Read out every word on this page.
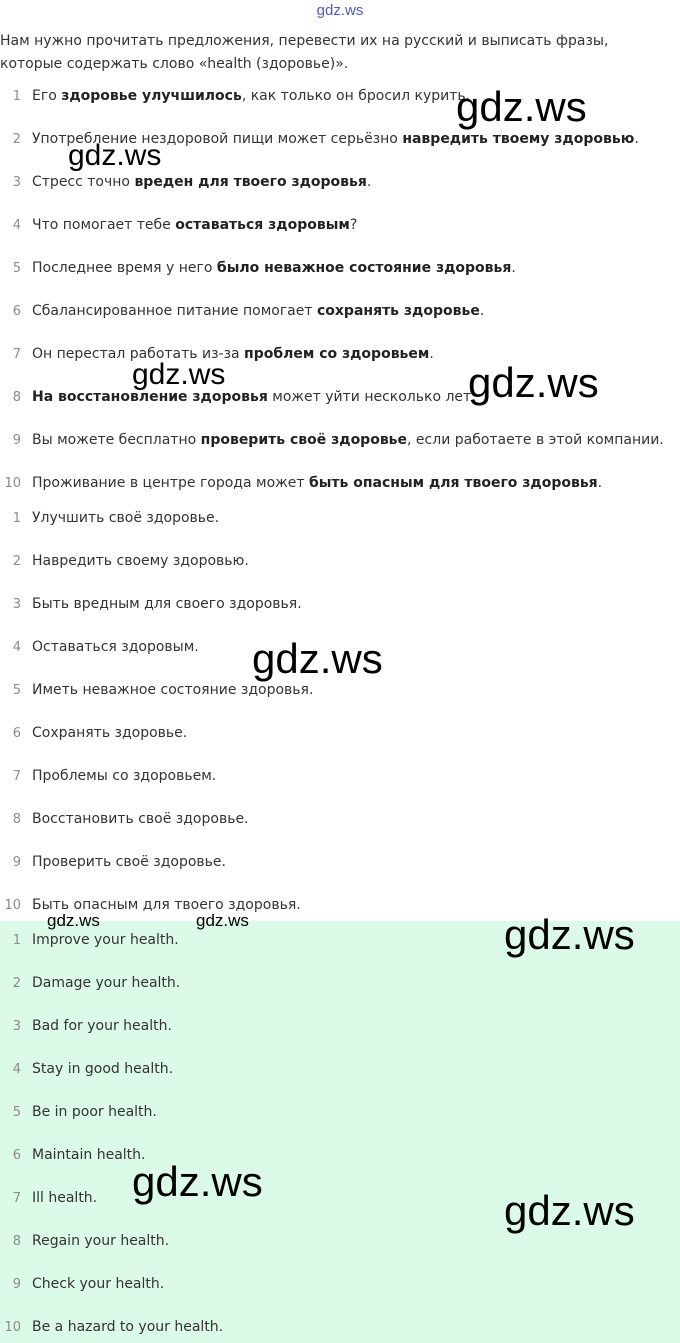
gdz.ws
Нам нужно прочитать предложения, перевести их на русский и выписать фразы, которые содержать слово «health (здоровье)».
1 Его здоровье улучшилось, как только он бросил курить.
2 Употребление нездоровой пищи может серьёзно навредить твоему здоровью.
3 Стресс точно вреден для твоего здоровья.
4 Что помогает тебе оставаться здоровым?
5 Последнее время у него было неважное состояние здоровья.
6 Сбалансированное питание помогает сохранять здоровье.
7 Он перестал работать из-за проблем со здоровьем.
8 На восстановление здоровья может уйти несколько лет.
9 Вы можете бесплатно проверить своё здоровье, если работаете в этой компании.
10 Проживание в центре города может быть опасным для твоего здоровья.
1 Улучшить своё здоровье.
2 Навредить своему здоровью.
3 Быть вредным для своего здоровья.
4 Оставаться здоровым.
5 Иметь неважное состояние здоровья.
6 Сохранять здоровье.
7 Проблемы со здоровьем.
8 Восстановить своё здоровье.
9 Проверить своё здоровье.
10 Быть опасным для твоего здоровья.
1 Improve your health.
2 Damage your health.
3 Bad for your health.
4 Stay in good health.
5 Be in poor health.
6 Maintain health.
7 Ill health.
8 Regain your health.
9 Check your health.
10 Be a hazard to your health.
gdz.ws
gdz.ws
gdz.ws	gdz.ws
gdz.ws
gdz.ws	gdz.ws	gdz.ws
gdz.ws
gdz.ws
